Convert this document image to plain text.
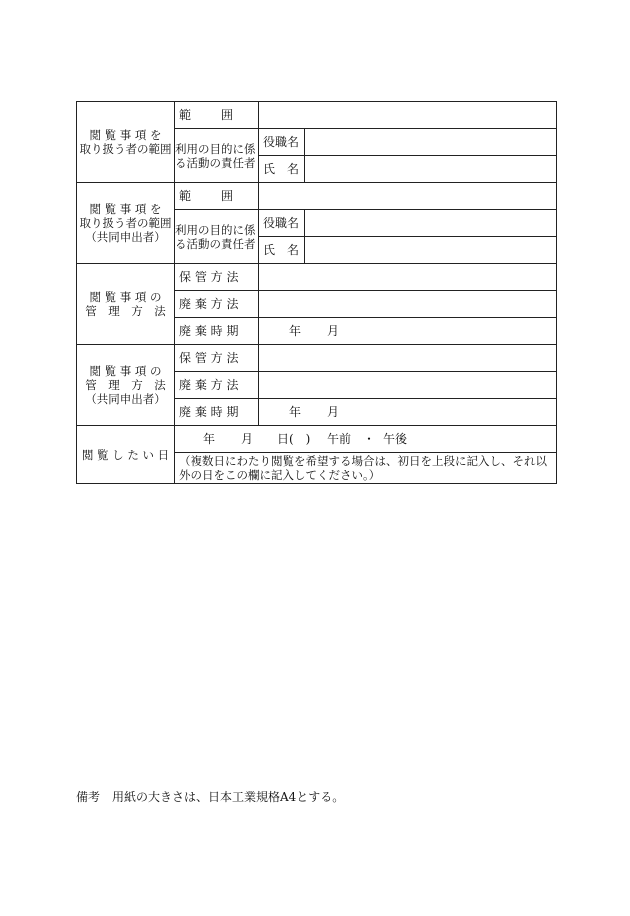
閲 覧 事 項 を
取り扱う者の範囲	範　　囲		

	利用の目的に係
る活動の責任者	役職名	
		氏　名	

閲 覧 事 項 を
取り扱う者の範囲
（共同申出者）	範　　囲		

	利用の目的に係
る活動の責任者	役職名	
		氏　名	

閲 覧 事 項 の
管　理　方　法	保 管 方 法		
	廃 棄 方 法		
	廃 棄 時 期	年 月	

閲 覧 事 項 の
管　理　方　法
（共同申出者）	保 管 方 法		
	廃 棄 方 法		
	廃 棄 時 期	年 月	
閲 覧 し た い 日	年 月 日(　) 午前 ・ 午後		
	（複数日にわたり閲覧を希望する場合は、初日を上段に記入し、それ以外の日をこの欄に記入してください。）		
備考　用紙の大きさは、日本工業規格A4とする。
